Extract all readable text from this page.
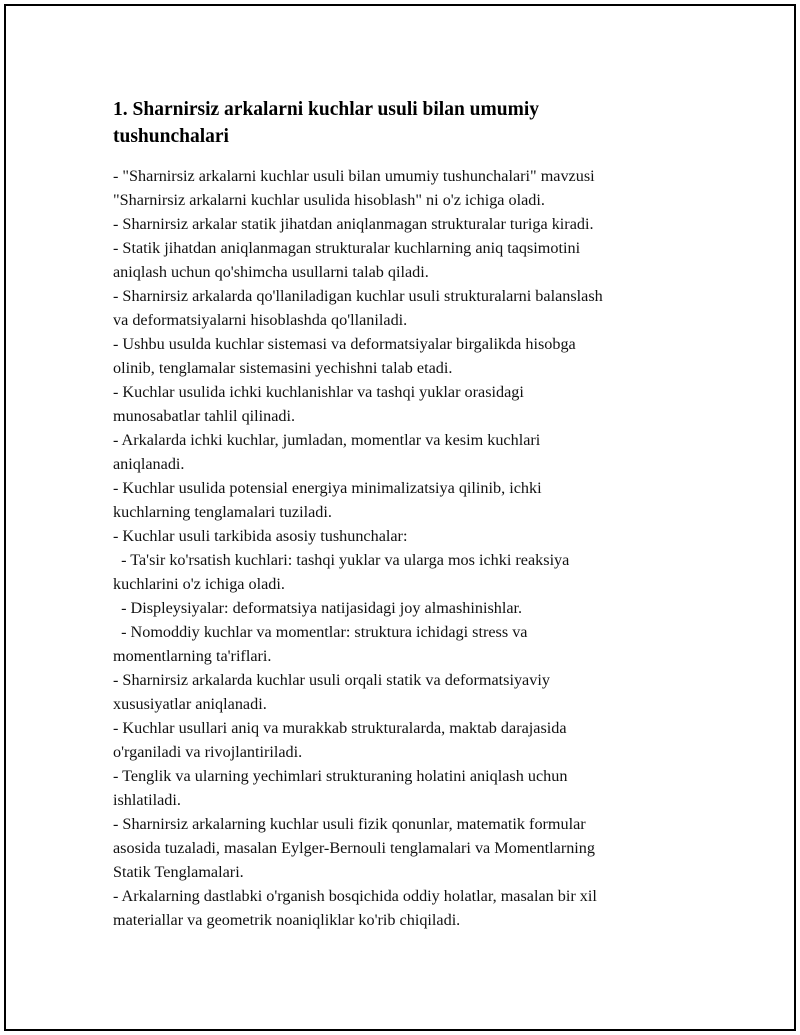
1. Sharnirsiz arkalarni kuchlar usuli bilan umumiy
tushunchalari
- "Sharnirsiz arkalarni kuchlar usuli bilan umumiy tushunchalari" mavzusi
"Sharnirsiz arkalarni kuchlar usulida hisoblash" ni o'z ichiga oladi.
- Sharnirsiz arkalar statik jihatdan aniqlanmagan strukturalar turiga kiradi.
- Statik jihatdan aniqlanmagan strukturalar kuchlarning aniq taqsimotini
aniqlash uchun qo'shimcha usullarni talab qiladi.
- Sharnirsiz arkalarda qo'llaniladigan kuchlar usuli strukturalarni balanslash
va deformatsiyalarni hisoblashda qo'llaniladi.
- Ushbu usulda kuchlar sistemasi va deformatsiyalar birgalikda hisobga
olinib, tenglamalar sistemasini yechishni talab etadi.
- Kuchlar usulida ichki kuchlanishlar va tashqi yuklar orasidagi
munosabatlar tahlil qilinadi.
- Arkalarda ichki kuchlar, jumladan, momentlar va kesim kuchlari
aniqlanadi.
- Kuchlar usulida potensial energiya minimalizatsiya qilinib, ichki
kuchlarning tenglamalari tuziladi.
- Kuchlar usuli tarkibida asosiy tushunchalar:
- Ta'sir ko'rsatish kuchlari: tashqi yuklar va ularga mos ichki reaksiya
kuchlarini o'z ichiga oladi.
- Displeysiyalar: deformatsiya natijasidagi joy almashinishlar.
- Nomoddiy kuchlar va momentlar: struktura ichidagi stress va
momentlarning ta'riflari.
- Sharnirsiz arkalarda kuchlar usuli orqali statik va deformatsiyaviy
xususiyatlar aniqlanadi.
- Kuchlar usullari aniq va murakkab strukturalarda, maktab darajasida
o'rganiladi va rivojlantiriladi.
- Tenglik va ularning yechimlari strukturaning holatini aniqlash uchun
ishlatiladi.
- Sharnirsiz arkalarning kuchlar usuli fizik qonunlar, matematik formular
asosida tuzaladi, masalan Eylger-Bernouli tenglamalari va Momentlarning
Statik Tenglamalari.
- Arkalarning dastlabki o'rganish bosqichida oddiy holatlar, masalan bir xil
materiallar va geometrik noaniqliklar ko'rib chiqiladi.
